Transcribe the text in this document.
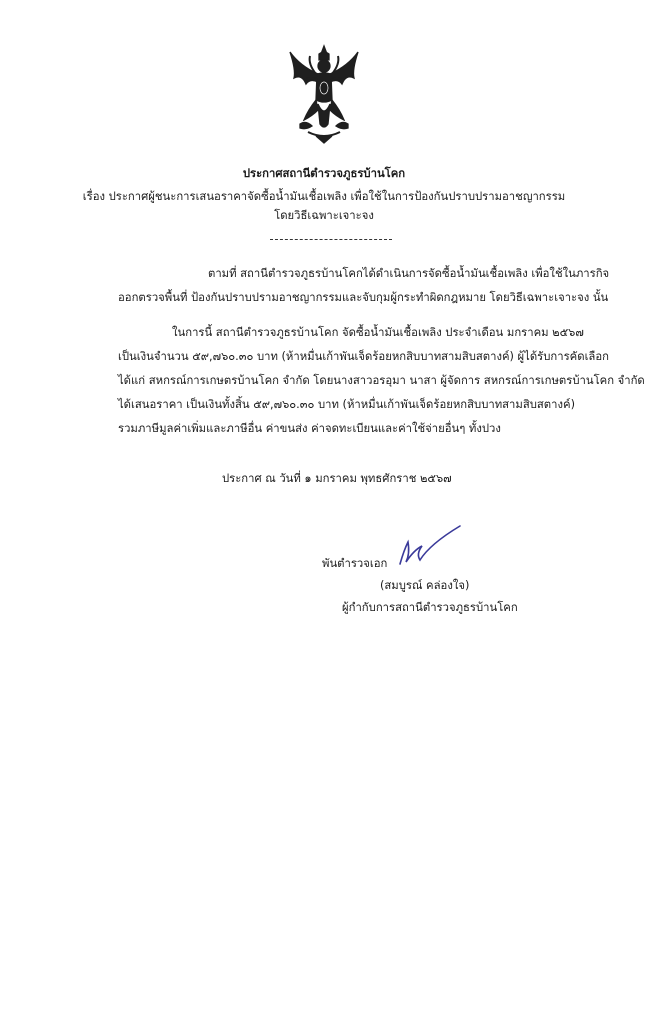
ประกาศสถานีตำรวจภูธรบ้านโคก
เรื่อง ประกาศผู้ชนะการเสนอราคาจัดซื้อน้ำมันเชื้อเพลิง เพื่อใช้ในการป้องกันปราบปรามอาชญากรรม
โดยวิธีเฉพาะเจาะจง
ตามที่ สถานีตำรวจภูธรบ้านโคกได้ดำเนินการจัดซื้อน้ำมันเชื้อเพลิง เพื่อใช้ในภารกิจ
ออกตรวจพื้นที่ ป้องกันปราบปรามอาชญากรรมและจับกุมผู้กระทำผิดกฎหมาย โดยวิธีเฉพาะเจาะจง นั้น
ในการนี้ สถานีตำรวจภูธรบ้านโคก จัดซื้อน้ำมันเชื้อเพลิง ประจำเดือน มกราคม ๒๕๖๗
เป็นเงินจำนวน ๕๙,๗๖๐.๓๐ บาท (ห้าหมื่นเก้าพันเจ็ดร้อยหกสิบบาทสามสิบสตางค์) ผู้ได้รับการคัดเลือก
ได้แก่ สหกรณ์การเกษตรบ้านโคก จำกัด โดยนางสาวอรอุมา นาสา ผู้จัดการ สหกรณ์การเกษตรบ้านโคก จำกัด
ได้เสนอราคา เป็นเงินทั้งสิ้น ๕๙,๗๖๐.๓๐ บาท (ห้าหมื่นเก้าพันเจ็ดร้อยหกสิบบาทสามสิบสตางค์)
รวมภาษีมูลค่าเพิ่มและภาษีอื่น ค่าขนส่ง ค่าจดทะเบียนและค่าใช้จ่ายอื่นๆ ทั้งปวง
ประกาศ ณ วันที่ ๑ มกราคม พุทธศักราช ๒๕๖๗
พันตำรวจเอก
(สมบูรณ์ คล่องใจ)
ผู้กำกับการสถานีตำรวจภูธรบ้านโคก
